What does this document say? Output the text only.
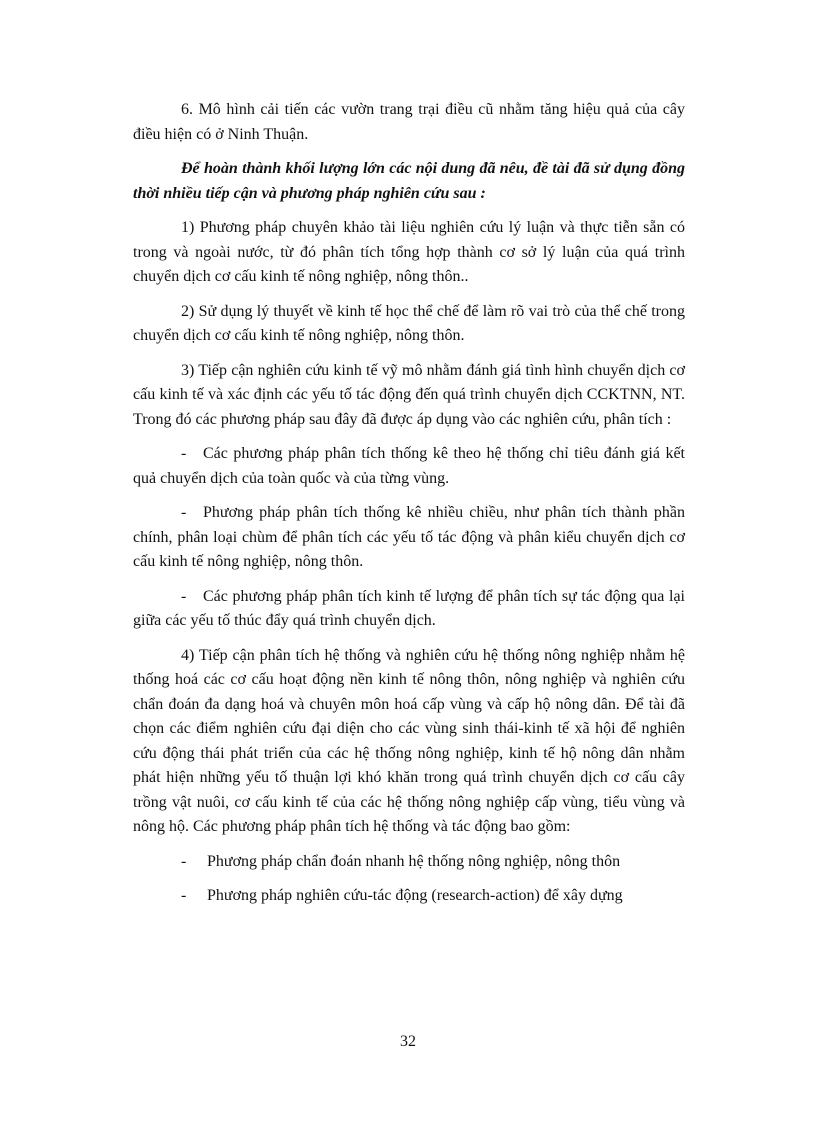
6. Mô hình cải tiến các vườn trang trại điều cũ nhằm tăng hiệu quả của cây điều hiện có ở Ninh Thuận.

Để hoàn thành khối lượng lớn các nội dung đã nêu, đề tài đã sử dụng đồng thời nhiều tiếp cận và phương pháp nghiên cứu sau :

1) Phương pháp chuyên khảo tài liệu nghiên cứu lý luận và thực tiễn sẵn có trong và ngoài nước, từ đó phân tích tổng hợp thành cơ sở lý luận của quá trình chuyển dịch cơ cấu kinh tế nông nghiệp, nông thôn..

2) Sử dụng lý thuyết về kinh tế học thể chế để làm rõ vai trò của thể chế trong chuyển dịch cơ cấu kinh tế nông nghiệp, nông thôn.

3) Tiếp cận nghiên cứu kinh tế vỹ mô nhằm đánh giá tình hình chuyển dịch cơ cấu kinh tế và xác định các yếu tố tác động đến quá trình chuyển dịch CCKTNN, NT. Trong đó các phương pháp sau đây đã được áp dụng vào các nghiên cứu, phân tích :

- Các phương pháp phân tích thống kê theo hệ thống chỉ tiêu đánh giá kết quả chuyển dịch của toàn quốc và của từng vùng.

- Phương pháp phân tích thống kê nhiều chiều, như phân tích thành phần chính, phân loại chùm để phân tích các yếu tố tác động và phân kiểu chuyển dịch cơ cấu kinh tế nông nghiệp, nông thôn.

- Các phương pháp phân tích kinh tế lượng để phân tích sự tác động qua lại giữa các yếu tố thúc đẩy quá trình chuyển dịch.

4) Tiếp cận phân tích hệ thống và nghiên cứu hệ thống nông nghiệp nhằm hệ thống hoá các cơ cấu hoạt động nền kinh tế nông thôn, nông nghiệp và nghiên cứu chẩn đoán đa dạng hoá và chuyên môn hoá cấp vùng và cấp hộ nông dân. Để tài đã chọn các điểm nghiên cứu đại diện cho các vùng sinh thái-kinh tế xã hội để nghiên cứu động thái phát triển của các hệ thống nông nghiệp, kinh tế hộ nông dân nhằm phát hiện những yếu tố thuận lợi khó khăn trong quá trình chuyển dịch cơ cấu cây trồng vật nuôi, cơ cấu kinh tế của các hệ thống nông nghiệp cấp vùng, tiểu vùng và nông hộ. Các phương pháp phân tích hệ thống và tác động bao gồm:

- Phương pháp chẩn đoán nhanh hệ thống nông nghiệp, nông thôn

- Phương pháp nghiên cứu-tác động (research-action) để xây dựng

32
